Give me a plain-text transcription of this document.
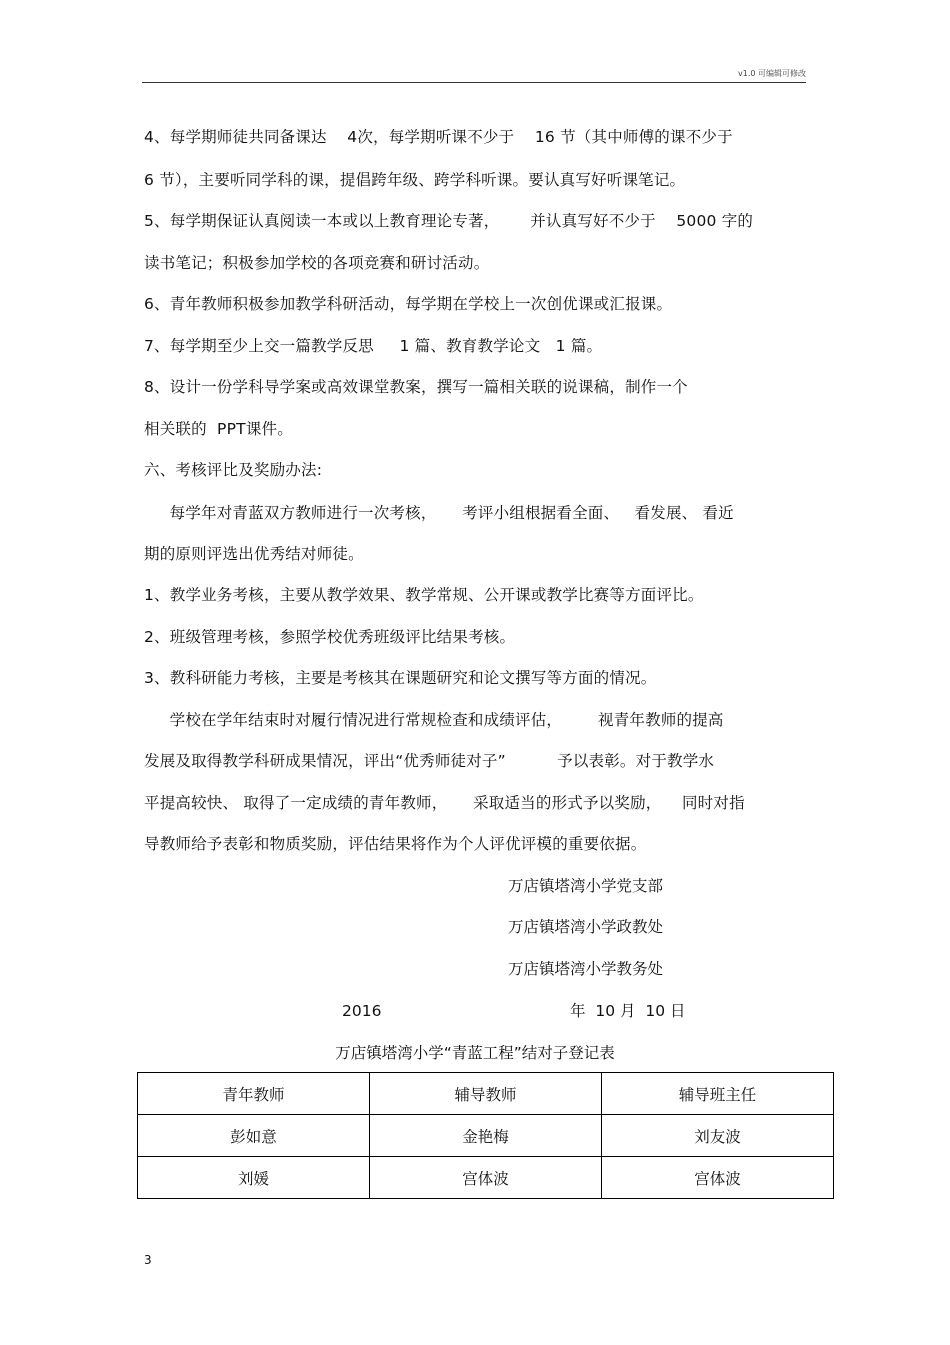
v1.0 可编辑可修改
4、每学期师徒共同备课达    4次，每学期听课不少于    16 节（其中师傅的课不少于
6 节），主要听同学科的课，提倡跨年级、跨学科听课。要认真写好听课笔记。
5、每学期保证认真阅读一本或以上教育理论专著，      并认真写好不少于    5000 字的
读书笔记；积极参加学校的各项竞赛和研讨活动。
6、青年教师积极参加教学科研活动，每学期在学校上一次创优课或汇报课。
7、每学期至少上交一篇教学反思     1 篇、教育教学论文   1 篇。
8、设计一份学科导学案或高效课堂教案，撰写一篇相关联的说课稿，制作一个
相关联的  PPT课件。
六、考核评比及奖励办法:
每学年对青蓝双方教师进行一次考核，     考评小组根据看全面、   看发展、 看近
期的原则评选出优秀结对师徒。
1、教学业务考核，主要从教学效果、教学常规、公开课或教学比赛等方面评比。
2、班级管理考核，参照学校优秀班级评比结果考核。
3、教科研能力考核，主要是考核其在课题研究和论文撰写等方面的情况。
学校在学年结束时对履行情况进行常规检查和成绩评估，       视青年教师的提高
发展及取得教学科研成果情况，评出“优秀师徒对子”          予以表彰。对于教学水
平提高较快、 取得了一定成绩的青年教师，     采取适当的形式予以奖励，    同时对指
导教师给予表彰和物质奖励，评估结果将作为个人评优评模的重要依据。
万店镇塔湾小学党支部
万店镇塔湾小学政教处
万店镇塔湾小学教务处
2016	年  10 月  10 日
万店镇塔湾小学“青蓝工程”结对子登记表
青年教师	辅导教师	辅导班主任
彭如意	金艳梅	刘友波
刘媛	宫体波	宫体波
3
